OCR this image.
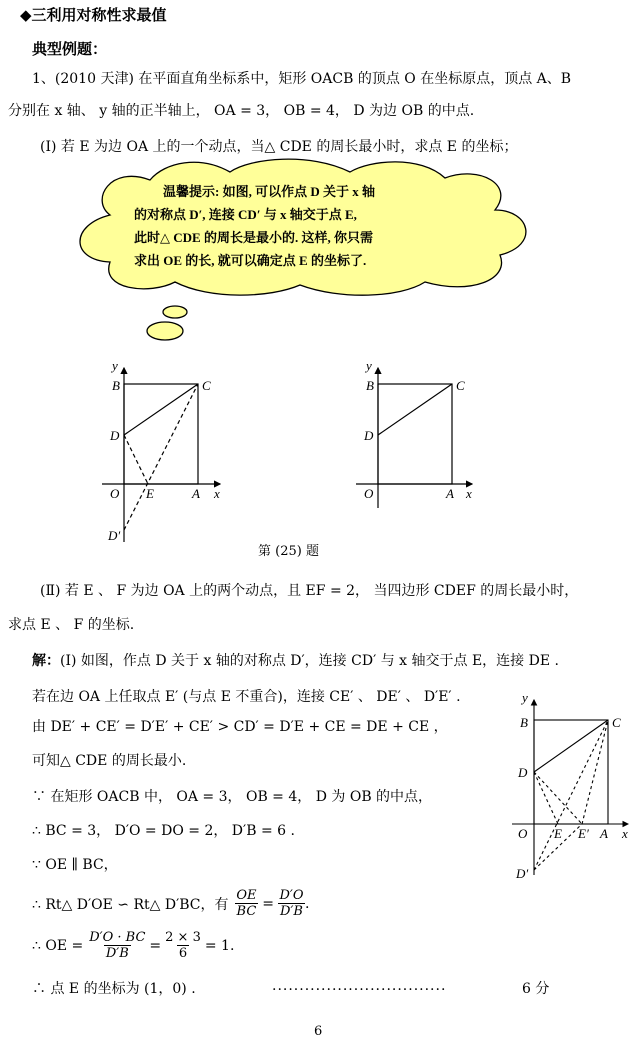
◆三利用对称性求最值
典型例题：
1、(2010 天津) 在平面直角坐标系中，矩形 OACB 的顶点 O 在坐标原点，顶点 A、B
分别在 x 轴、 y 轴的正半轴上， OA = 3， OB = 4， D 为边 OB 的中点.
(Ⅰ) 若 E 为边 OA 上的一个动点，当△ CDE 的周长最小时，求点 E 的坐标；
温馨提示: 如图, 可以作点 D 关于 x 轴
的对称点 D′, 连接 CD′ 与 x 轴交于点 E,
此时△ CDE 的周长是最小的. 这样, 你只需
求出 OE 的长, 就可以确定点 E 的坐标了.
y
B	C
D
O E	A x
D′
y
B	C
D
O	A x
y
B	C
D
O E E′ A x
D′
第 (25) 题
(Ⅱ) 若 E 、 F 为边 OA 上的两个动点，且 EF = 2， 当四边形 CDEF 的周长最小时，
求点 E 、 F 的坐标.
解：(Ⅰ) 如图，作点 D 关于 x 轴的对称点 D′，连接 CD′ 与 x 轴交于点 E，连接 DE .
若在边 OA 上任取点 E′ (与点 E 不重合)，连接 CE′ 、 DE′ 、 D′E′ .
由 DE′ + CE′ = D′E′ + CE′ > CD′ = D′E + CE = DE + CE ，
可知△ CDE 的周长最小.
∵ 在矩形 OACB 中， OA = 3， OB = 4， D 为 OB 的中点，
∴ BC = 3， D′O = DO = 2， D′B = 6 .
∵ OE ∥ BC，
∴ Rt△ D′OE ∽ Rt△ D′BC，有 $\frac{OE}{BC} = \frac{D'O}{D'B}$ .
∴ OE = $\frac{D'O \cdot BC}{D'B} = \frac{2 \times 3}{6} = 1$.
∴ 点 E 的坐标为 (1，0) .	................................	6 分
6
